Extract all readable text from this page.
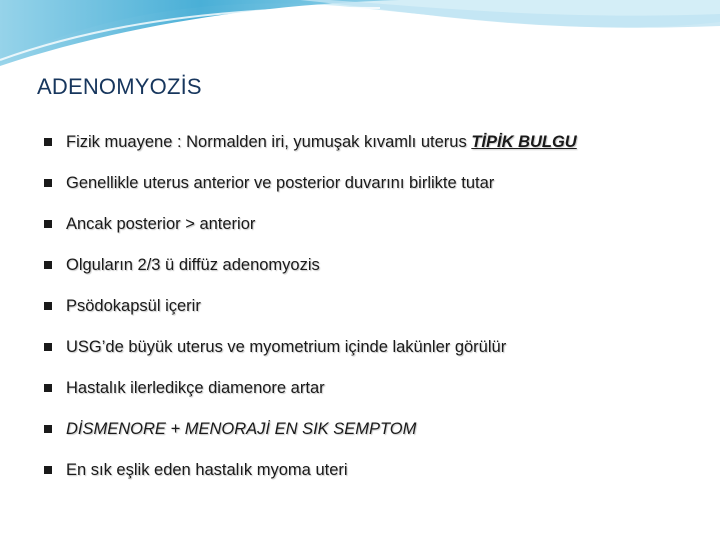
ADENOMYOZİS
Fizik muayene : Normalden iri, yumuşak kıvamlı uterus TİPİK BULGU
Genellikle uterus anterior ve posterior duvarını birlikte tutar
Ancak posterior > anterior
Olguların 2/3 ü diffüz adenomyozis
Psödokapsül içerir
USG’de büyük uterus ve myometrium içinde lakünler görülür
Hastalık ilerledikçe diamenore artar
DİSMENORE + MENORAJİ EN SIK SEMPTOM
En sık eşlik eden hastalık myoma uteri
